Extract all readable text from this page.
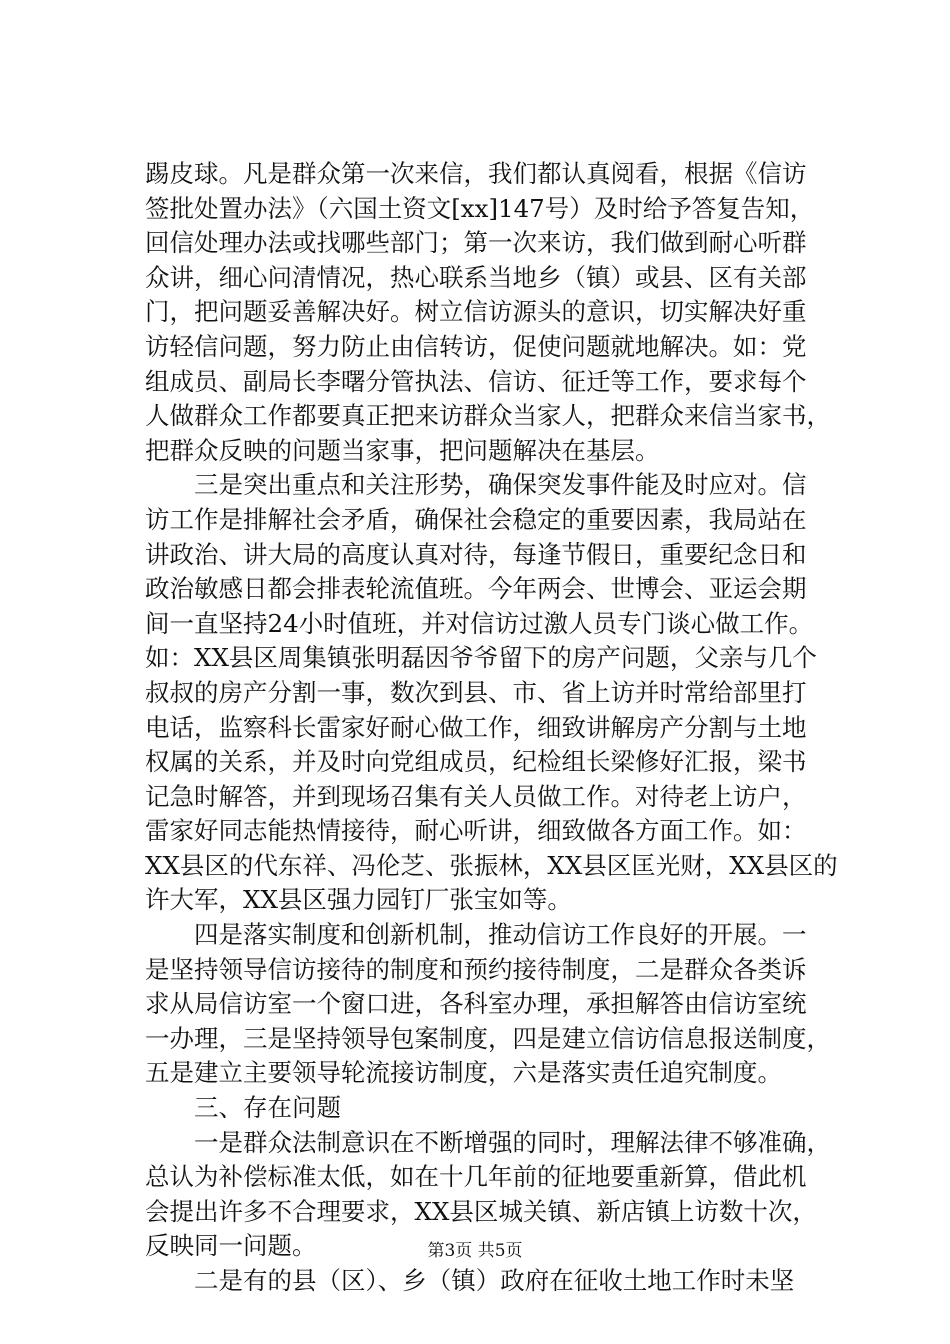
踢皮球。凡是群众第一次来信，我们都认真阅看，根据《信访
签批处置办法》（六国土资文[xx]147号）及时给予答复告知，
回信处理办法或找哪些部门；第一次来访，我们做到耐心听群
众讲，细心问清情况，热心联系当地乡（镇）或县、区有关部
门，把问题妥善解决好。树立信访源头的意识，切实解决好重
访轻信问题，努力防止由信转访，促使问题就地解决。如：党
组成员、副局长李曙分管执法、信访、征迁等工作，要求每个
人做群众工作都要真正把来访群众当家人，把群众来信当家书，
把群众反映的问题当家事，把问题解决在基层。
　　三是突出重点和关注形势，确保突发事件能及时应对。信
访工作是排解社会矛盾，确保社会稳定的重要因素，我局站在
讲政治、讲大局的高度认真对待，每逢节假日，重要纪念日和
政治敏感日都会排表轮流值班。今年两会、世博会、亚运会期
间一直坚持24小时值班，并对信访过激人员专门谈心做工作。
如：XX县区周集镇张明磊因爷爷留下的房产问题，父亲与几个
叔叔的房产分割一事，数次到县、市、省上访并时常给部里打
电话，监察科长雷家好耐心做工作，细致讲解房产分割与土地
权属的关系，并及时向党组成员，纪检组长梁修好汇报，梁书
记急时解答，并到现场召集有关人员做工作。对待老上访户，
雷家好同志能热情接待，耐心听讲，细致做各方面工作。如：
XX县区的代东祥、冯伦芝、张振林，XX县区匡光财，XX县区的
许大军，XX县区强力园钉厂张宝如等。
　　四是落实制度和创新机制，推动信访工作良好的开展。一
是坚持领导信访接待的制度和预约接待制度，二是群众各类诉
求从局信访室一个窗口进，各科室办理，承担解答由信访室统
一办理，三是坚持领导包案制度，四是建立信访信息报送制度，
五是建立主要领导轮流接访制度，六是落实责任追究制度。
　　三、存在问题
　　一是群众法制意识在不断增强的同时，理解法律不够准确，
总认为补偿标准太低，如在十几年前的征地要重新算，借此机
会提出许多不合理要求，XX县区城关镇、新店镇上访数十次，
反映同一问题。
　　二是有的县（区）、乡（镇）政府在征收土地工作时未坚
第3页 共5页
